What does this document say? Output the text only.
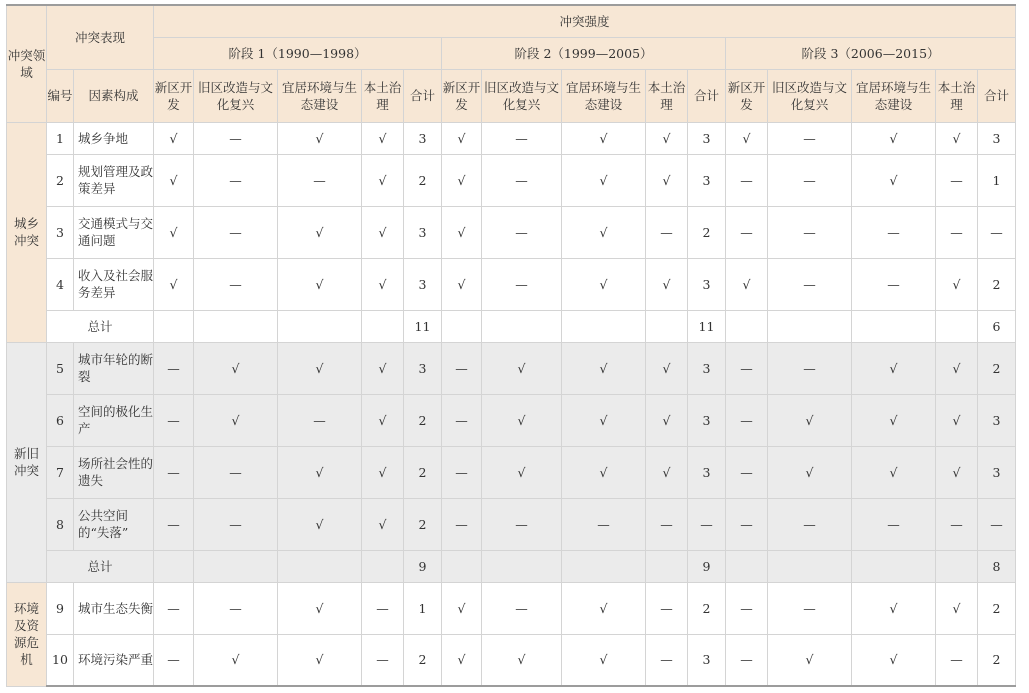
冲突领域	冲突表现		冲突强度														
			阶段 1（1990—1998）					阶段 2（1999—2005）					阶段 3（2006—2015）				
	编号	因素构成	新区开发	旧区改造与文化复兴	宜居环境与生态建设	本土治理	合计	新区开发	旧区改造与文化复兴	宜居环境与生态建设	本土治理	合计	新区开发	旧区改造与文化复兴	宜居环境与生态建设	本土治理	合计
城乡冲突	1	城乡争地	√	—	√	√	3	√	—	√	√	3	√	—	√	√	3
	2	规划管理及政策差异	√	—	—	√	2	√	—	√	√	3	—	—	√	—	1
	3	交通模式与交通问题	√	—	√	√	3	√	—	√	—	2	—	—	—	—	—
	4	收入及社会服务差异	√	—	√	√	3	√	—	√	√	3	√	—	—	√	2
	总计						11					11					6
新旧冲突	5	城市年轮的断裂	—	√	√	√	3	—	√	√	√	3	—	—	√	√	2
	6	空间的极化生产	—	√	—	√	2	—	√	√	√	3	—	√	√	√	3
	7	场所社会性的遗失	—	—	√	√	2	—	√	√	√	3	—	√	√	√	3
	8	公共空间的“失落”	—	—	√	√	2	—	—	—	—	—	—	—	—	—	—
	总计						9					9					8
环境及资源危机	9	城市生态失衡	—	—	√	—	1	√	—	√	—	2	—	—	√	√	2
	10	环境污染严重	—	√	√	—	2	√	√	√	—	3	—	√	√	—	2
